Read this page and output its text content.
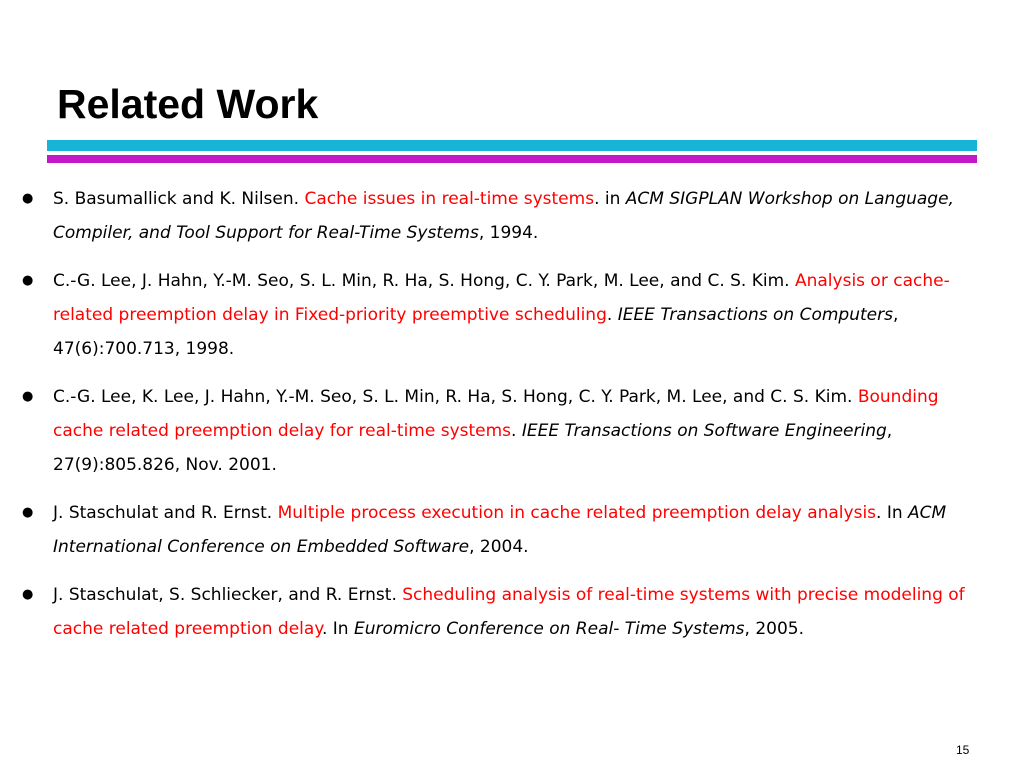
Related Work
● S. Basumallick and K. Nilsen. Cache issues in real-time systems. in ACM SIGPLAN Workshop on Language, Compiler, and Tool Support for Real-Time Systems, 1994.
● C.-G. Lee, J. Hahn, Y.-M. Seo, S. L. Min, R. Ha, S. Hong, C. Y. Park, M. Lee, and C. S. Kim. Analysis or cache-related preemption delay in Fixed-priority preemptive scheduling. IEEE Transactions on Computers, 47(6):700.713, 1998.
● C.-G. Lee, K. Lee, J. Hahn, Y.-M. Seo, S. L. Min, R. Ha, S. Hong, C. Y. Park, M. Lee, and C. S. Kim. Bounding cache related preemption delay for real-time systems. IEEE Transactions on Software Engineering, 27(9):805.826, Nov. 2001.
● J. Staschulat and R. Ernst. Multiple process execution in cache related preemption delay analysis. In ACM International Conference on Embedded Software, 2004.
● J. Staschulat, S. Schliecker, and R. Ernst. Scheduling analysis of real-time systems with precise modeling of cache related preemption delay. In Euromicro Conference on Real- Time Systems, 2005.
15
